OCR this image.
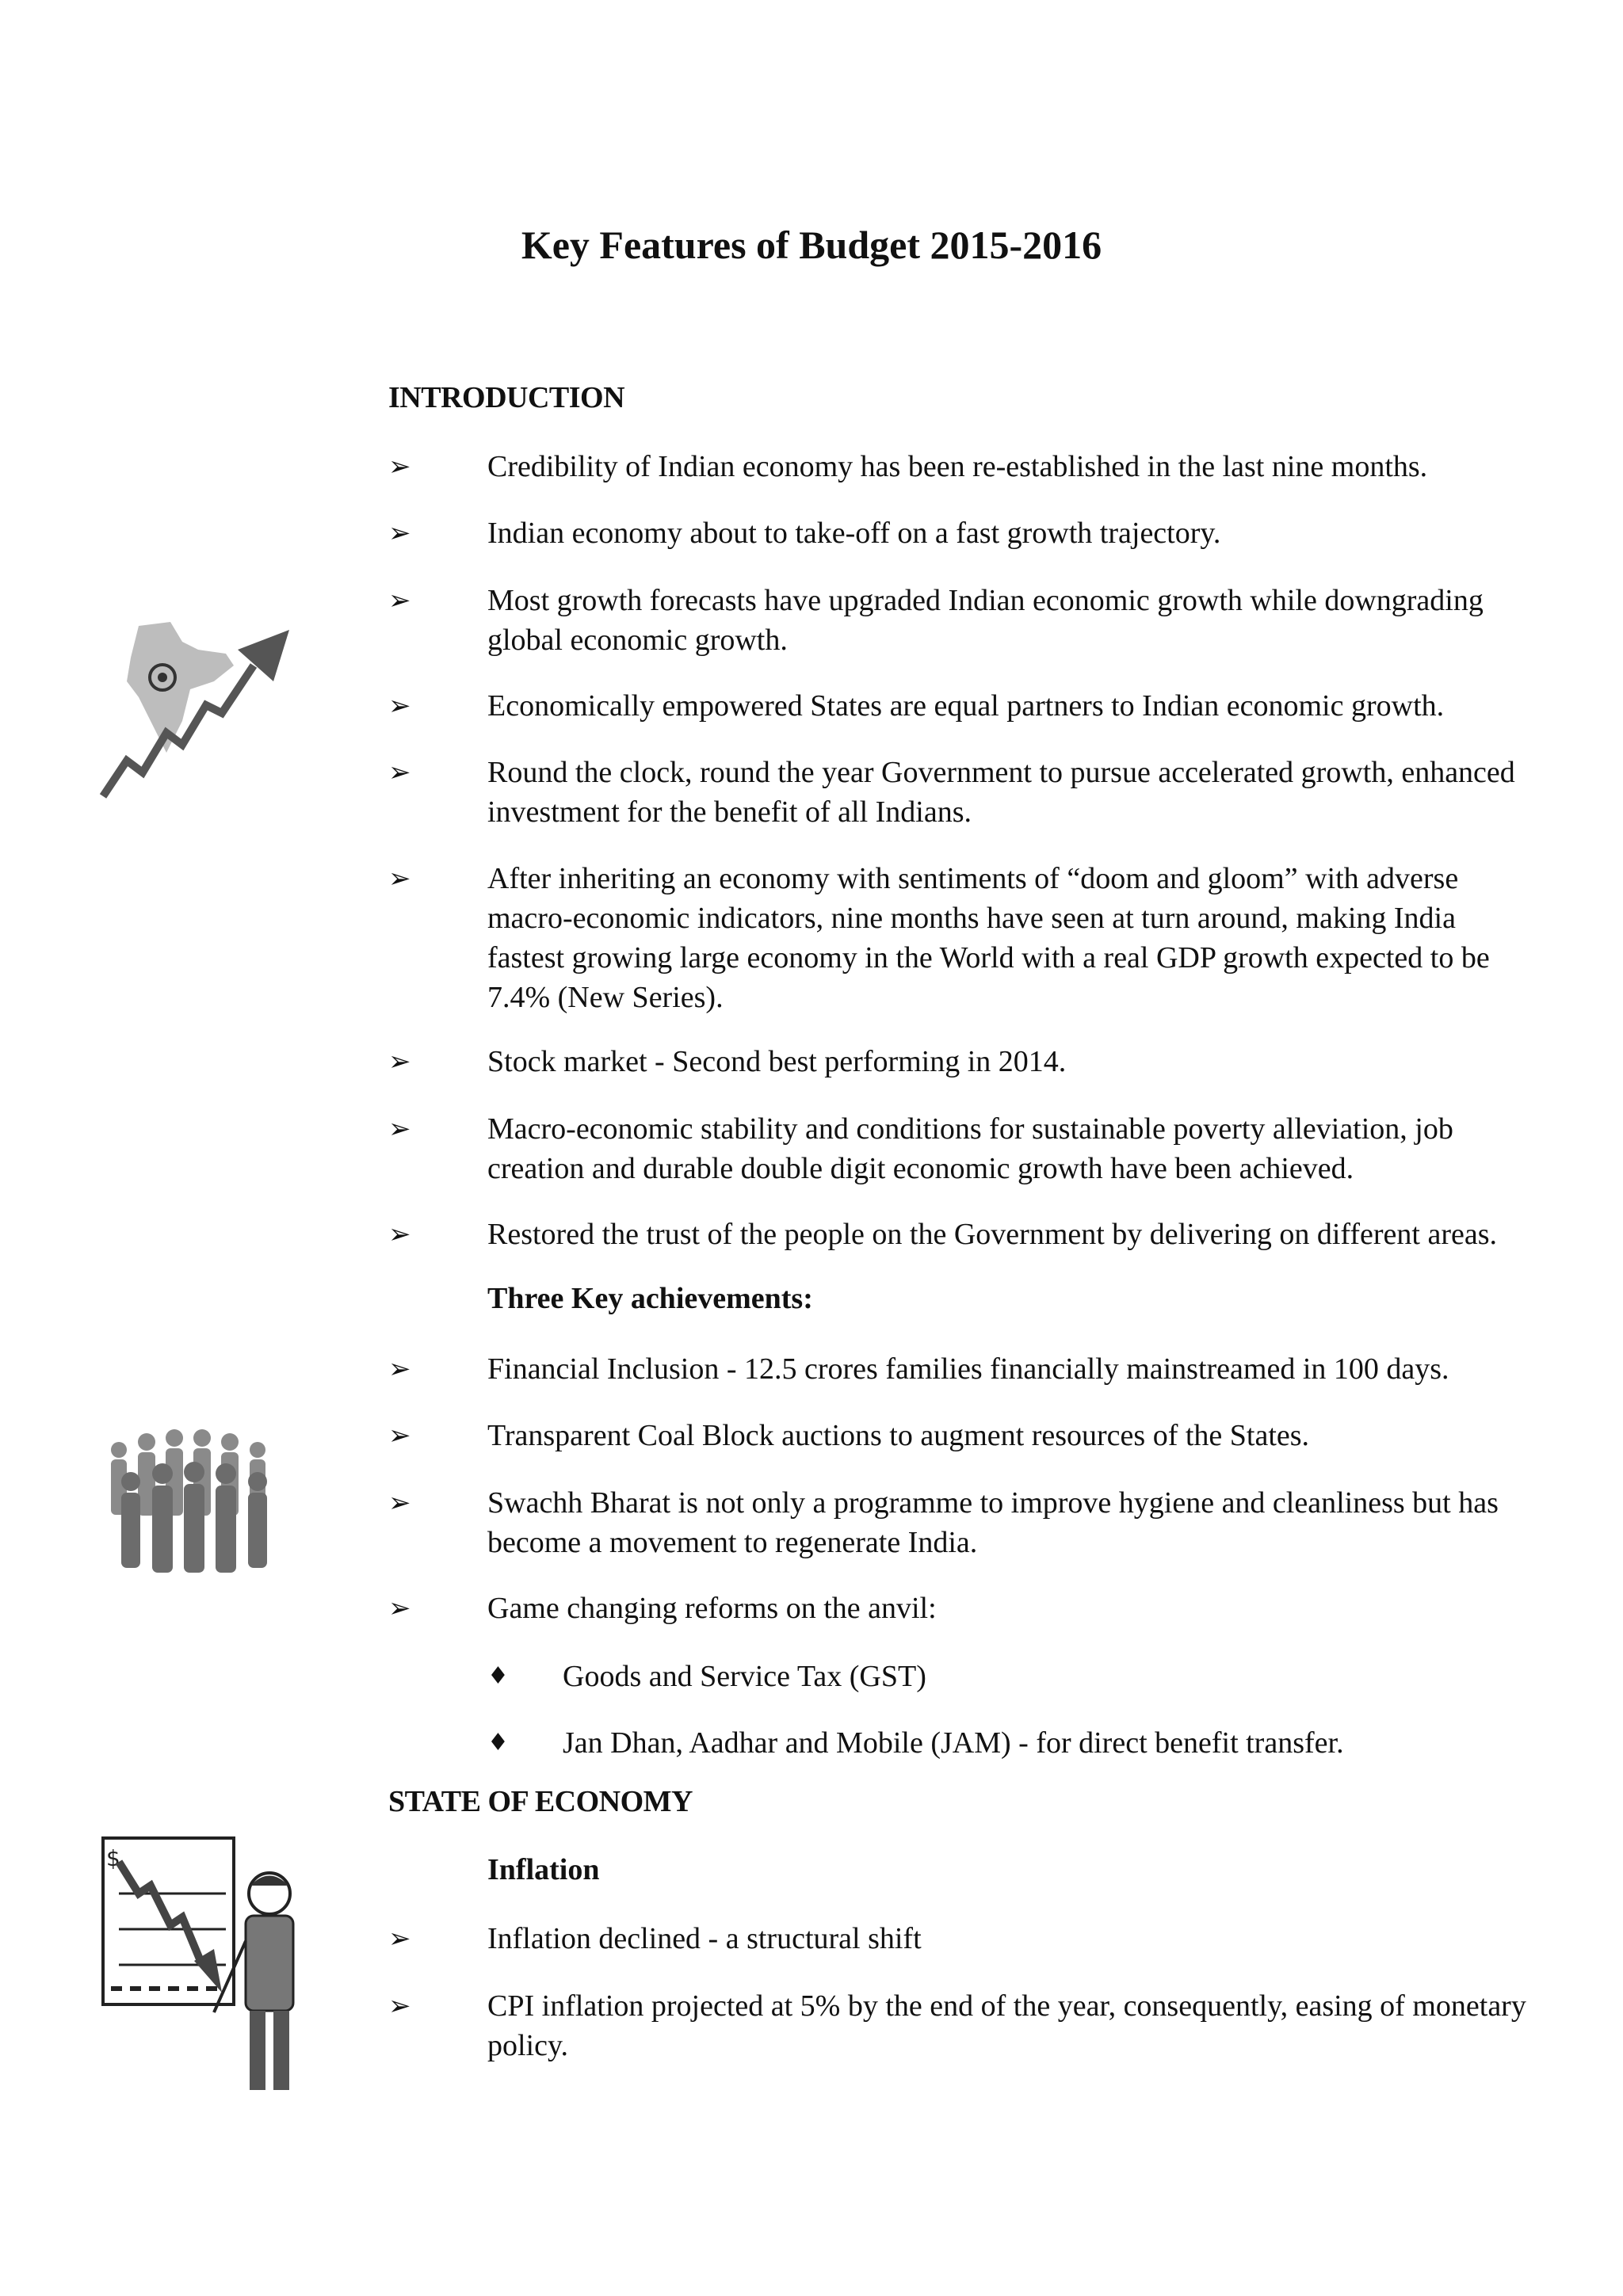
Key Features of Budget 2015-2016
$
INTRODUCTION
➢	Credibility of Indian economy has been re-established in the last nine months.
➢	Indian economy about to take-off on a fast growth trajectory.
➢	Most growth forecasts have upgraded Indian economic growth while downgrading global economic growth.
➢	Economically empowered States are equal partners to Indian economic growth.
➢	Round the clock, round the year Government to pursue accelerated growth, enhanced investment for the benefit of all Indians.
➢	After inheriting an economy with sentiments of “doom and gloom” with adverse macro-economic indicators, nine months have seen at turn around, making India fastest growing large economy in the World with a real GDP growth expected to be 7.4% (New Series).
➢	Stock market - Second best performing in 2014.
➢	Macro-economic stability and conditions for sustainable poverty alleviation, job creation and durable double digit economic growth have been achieved.
➢	Restored the trust of the people on the Government by delivering on different areas.
Three Key achievements:
➢	Financial Inclusion - 12.5 crores families financially mainstreamed in 100 days.
➢	Transparent Coal Block auctions to augment resources of the States.
➢	Swachh Bharat is not only a programme to improve hygiene and cleanliness but has become a movement to regenerate India.
➢	Game changing reforms on the anvil:
♦ Goods and Service Tax (GST)
♦ Jan Dhan, Aadhar and Mobile (JAM) - for direct benefit transfer.
STATE OF ECONOMY
Inflation
➢	Inflation declined - a structural shift
➢	CPI inflation projected at 5% by the end of the year, consequently, easing of monetary policy.
